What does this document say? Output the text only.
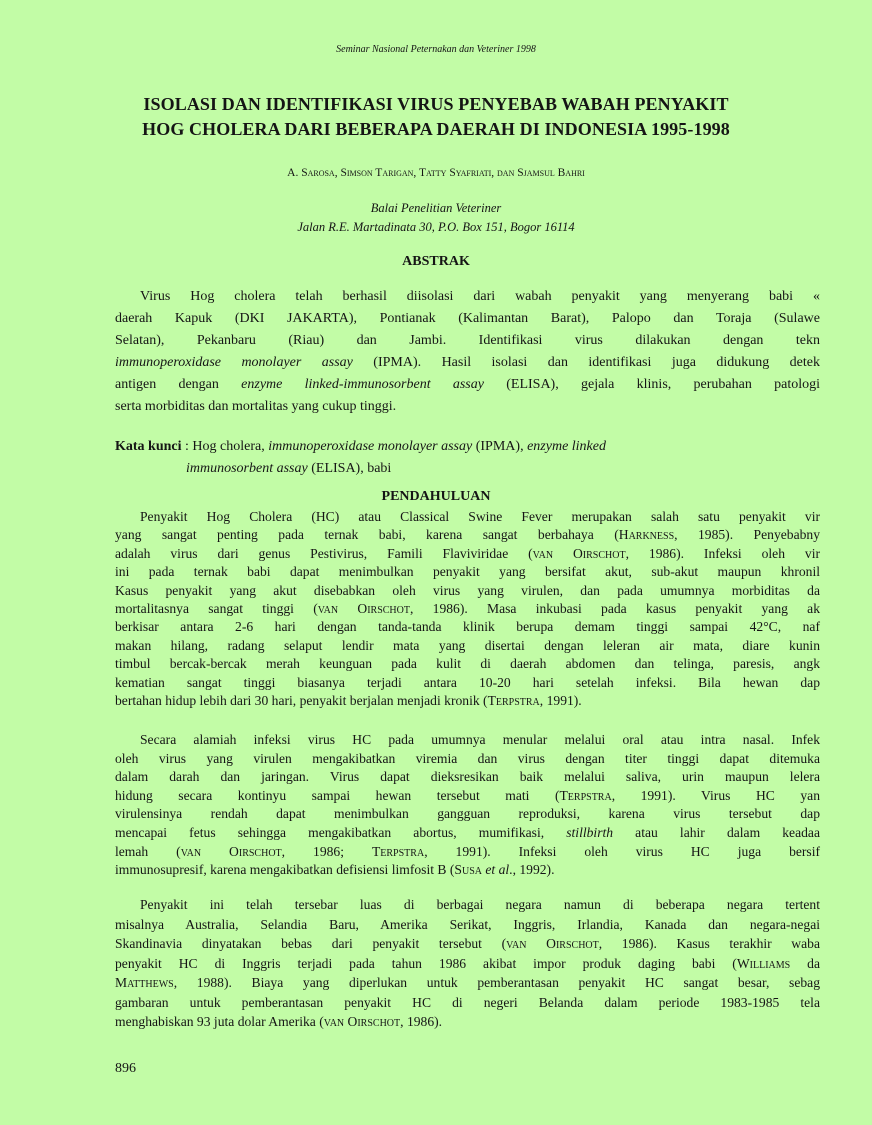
Seminar Nasional Peternakan dan Veteriner 1998
ISOLASI DAN IDENTIFIKASI VIRUS PENYEBAB WABAH PENYAKIT
HOG CHOLERA DARI BEBERAPA DAERAH DI INDONESIA 1995-1998
A. Sarosa, Simson Tarigan, Tatty Syafriati, dan Sjamsul Bahri
Balai Penelitian Veteriner
Jalan R.E. Martadinata 30, P.O. Box 151, Bogor 16114
ABSTRAK
Virus Hog cholera telah berhasil diisolasi dari wabah penyakit yang menyerang babi «
daerah Kapuk (DKI JAKARTA), Pontianak (Kalimantan Barat), Palopo dan Toraja (Sulawe
Selatan), Pekanbaru (Riau) dan Jambi. Identifikasi virus dilakukan dengan tekn
immunoperoxidase monolayer assay (IPMA). Hasil isolasi dan identifikasi juga didukung detek
antigen dengan enzyme linked-immunosorbent assay (ELISA), gejala klinis, perubahan patologi
serta morbiditas dan mortalitas yang cukup tinggi.
Kata kunci : Hog cholera, immunoperoxidase monolayer assay (IPMA), enzyme linked
immunosorbent assay (ELISA), babi
PENDAHULUAN
Penyakit Hog Cholera (HC) atau Classical Swine Fever merupakan salah satu penyakit vir
yang sangat penting pada ternak babi, karena sangat berbahaya (Harkness, 1985). Penyebabny
adalah virus dari genus Pestivirus, Famili Flaviviridae (van Oirschot, 1986). Infeksi oleh vir
ini pada ternak babi dapat menimbulkan penyakit yang bersifat akut, sub-akut maupun khronil
Kasus penyakit yang akut disebabkan oleh virus yang virulen, dan pada umumnya morbiditas da
mortalitasnya sangat tinggi (van Oirschot, 1986). Masa inkubasi pada kasus penyakit yang ak
berkisar antara 2-6 hari dengan tanda-tanda klinik berupa demam tinggi sampai 42°C, naf
makan hilang, radang selaput lendir mata yang disertai dengan leleran air mata, diare kunin
timbul bercak-bercak merah keunguan pada kulit di daerah abdomen dan telinga, paresis, angk
kematian sangat tinggi biasanya terjadi antara 10-20 hari setelah infeksi. Bila hewan dap
bertahan hidup lebih dari 30 hari, penyakit berjalan menjadi kronik (Terpstra, 1991).
Secara alamiah infeksi virus HC pada umumnya menular melalui oral atau intra nasal. Infek
oleh virus yang virulen mengakibatkan viremia dan virus dengan titer tinggi dapat ditemuka
dalam darah dan jaringan. Virus dapat dieksresikan baik melalui saliva, urin maupun lelera
hidung secara kontinyu sampai hewan tersebut mati (Terpstra, 1991). Virus HC yan
virulensinya rendah dapat menimbulkan gangguan reproduksi, karena virus tersebut dap
mencapai fetus sehingga mengakibatkan abortus, mumifikasi, stillbirth atau lahir dalam keadaa
lemah (van Oirschot, 1986; Terpstra, 1991). Infeksi oleh virus HC juga bersif
immunosupresif, karena mengakibatkan defisiensi limfosit B (Susa et al., 1992).
Penyakit ini telah tersebar luas di berbagai negara namun di beberapa negara tertent
misalnya Australia, Selandia Baru, Amerika Serikat, Inggris, Irlandia, Kanada dan negara-negai
Skandinavia dinyatakan bebas dari penyakit tersebut (van Oirschot, 1986). Kasus terakhir waba
penyakit HC di Inggris terjadi pada tahun 1986 akibat impor produk daging babi (Williams da
Matthews, 1988). Biaya yang diperlukan untuk pemberantasan penyakit HC sangat besar, sebag
gambaran untuk pemberantasan penyakit HC di negeri Belanda dalam periode 1983-1985 tela
menghabiskan 93 juta dolar Amerika (van Oirschot, 1986).
896
